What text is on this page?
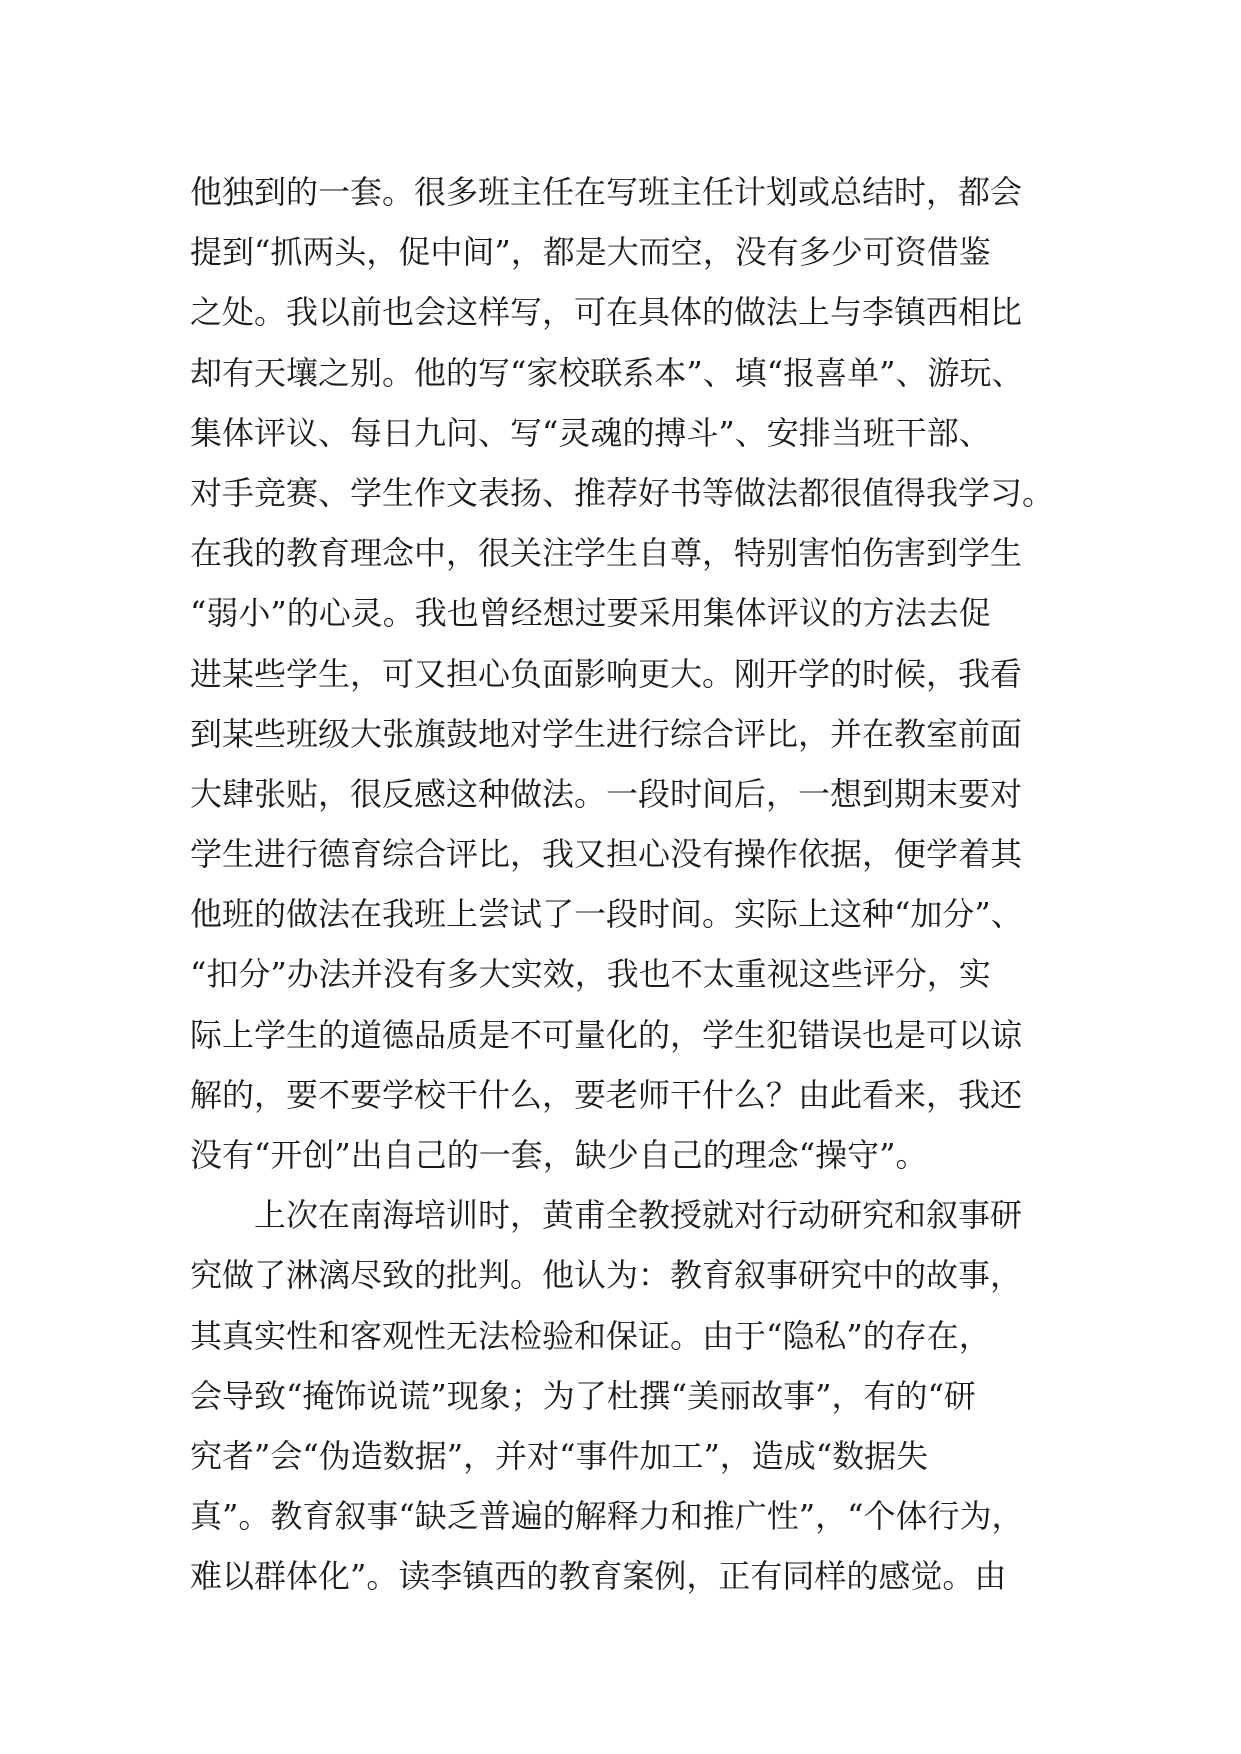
他独到的一套。很多班主任在写班主任计划或总结时，都会
提到“抓两头，促中间”，都是大而空，没有多少可资借鉴
之处。我以前也会这样写，可在具体的做法上与李镇西相比
却有天壤之别。他的写“家校联系本”、填“报喜单”、游玩、
集体评议、每日九问、写“灵魂的搏斗”、安排当班干部、
对手竞赛、学生作文表扬、推荐好书等做法都很值得我学习。
在我的教育理念中，很关注学生自尊，特别害怕伤害到学生
“弱小”的心灵。我也曾经想过要采用集体评议的方法去促
进某些学生，可又担心负面影响更大。刚开学的时候，我看
到某些班级大张旗鼓地对学生进行综合评比，并在教室前面
大肆张贴，很反感这种做法。一段时间后，一想到期末要对
学生进行德育综合评比，我又担心没有操作依据，便学着其
他班的做法在我班上尝试了一段时间。实际上这种“加分”、
“扣分”办法并没有多大实效，我也不太重视这些评分，实
际上学生的道德品质是不可量化的，学生犯错误也是可以谅
解的，要不要学校干什么，要老师干什么？由此看来，我还
没有“开创”出自己的一套，缺少自己的理念“操守”。
上次在南海培训时，黄甫全教授就对行动研究和叙事研
究做了淋漓尽致的批判。他认为：教育叙事研究中的故事，
其真实性和客观性无法检验和保证。由于“隐私”的存在，
会导致“掩饰说谎”现象；为了杜撰“美丽故事”，有的“研
究者”会“伪造数据”，并对“事件加工”，造成“数据失
真”。教育叙事“缺乏普遍的解释力和推广性”，“个体行为，
难以群体化”。读李镇西的教育案例，正有同样的感觉。由
